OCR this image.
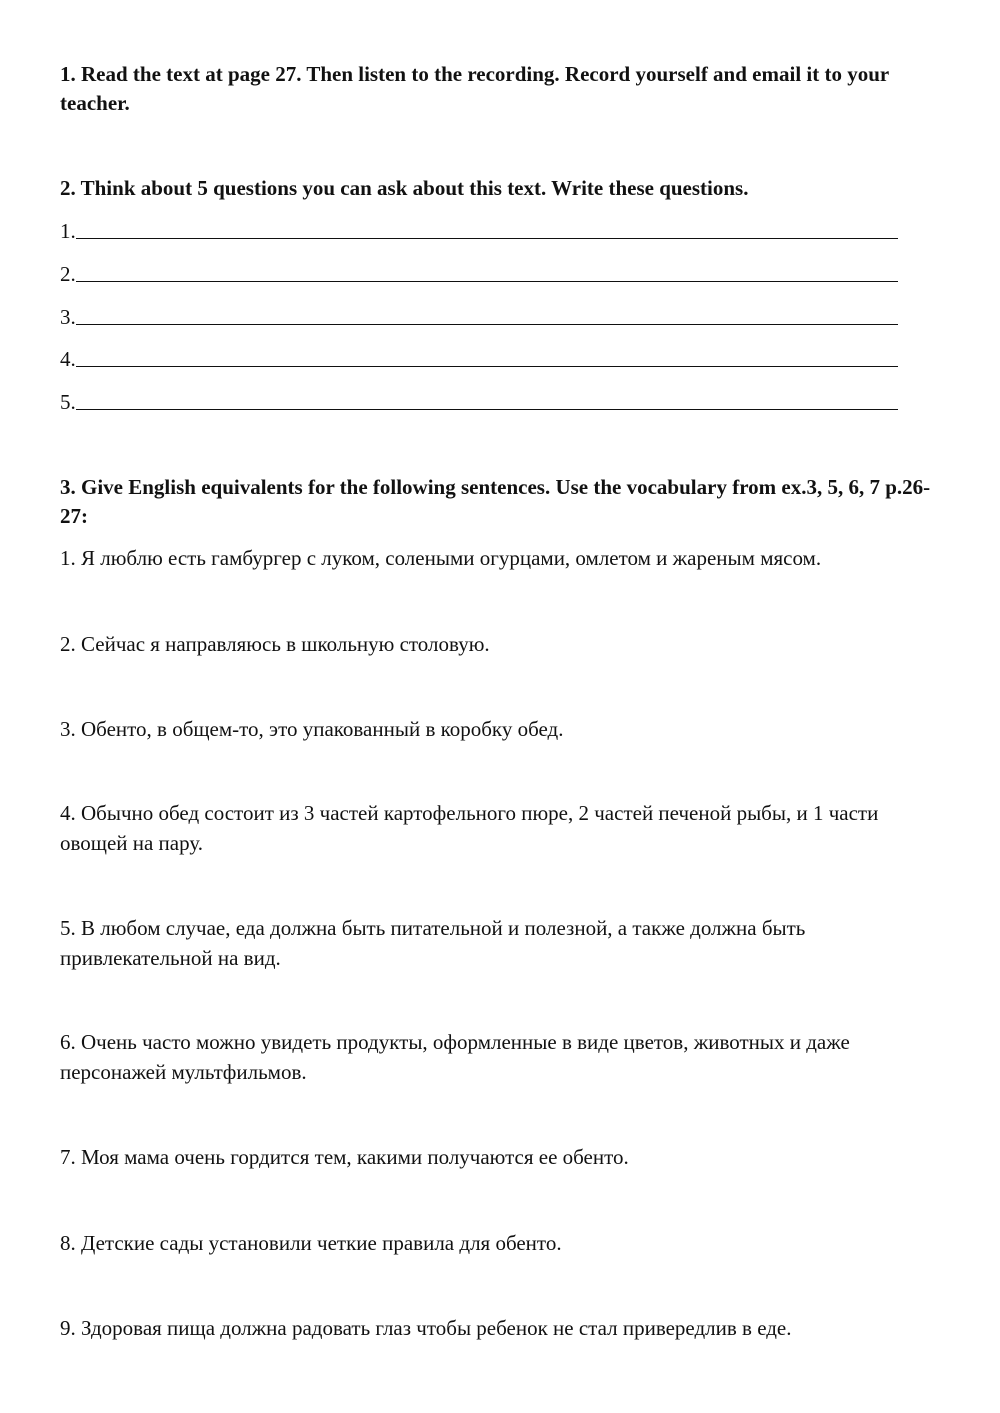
1. Read the text at page 27. Then listen to the recording. Record yourself and email it to your teacher.
2. Think about 5 questions you can ask about this text. Write these questions.
1.
2.
3.
4.
5.
3. Give English equivalents for the following sentences. Use the vocabulary from ex.3, 5, 6, 7 p.26-27:
1. Я люблю есть гамбургер с луком, солеными огурцами, омлетом и жареным мясом.
2. Сейчас я направляюсь в школьную столовую.
3. Обенто, в общем-то, это упакованный в коробку обед.
4. Обычно обед состоит из 3 частей картофельного пюре, 2 частей печеной рыбы, и 1 части овощей на пару.
5. В любом случае, еда должна быть питательной и полезной, а также должна быть привлекательной на вид.
6. Очень часто можно увидеть продукты, оформленные в виде цветов, животных и даже персонажей мультфильмов.
7. Моя мама очень гордится тем, какими получаются ее обенто.
8. Детские сады установили четкие правила для обенто.
9. Здоровая пища должна радовать глаз чтобы ребенок не стал привередлив в еде.
